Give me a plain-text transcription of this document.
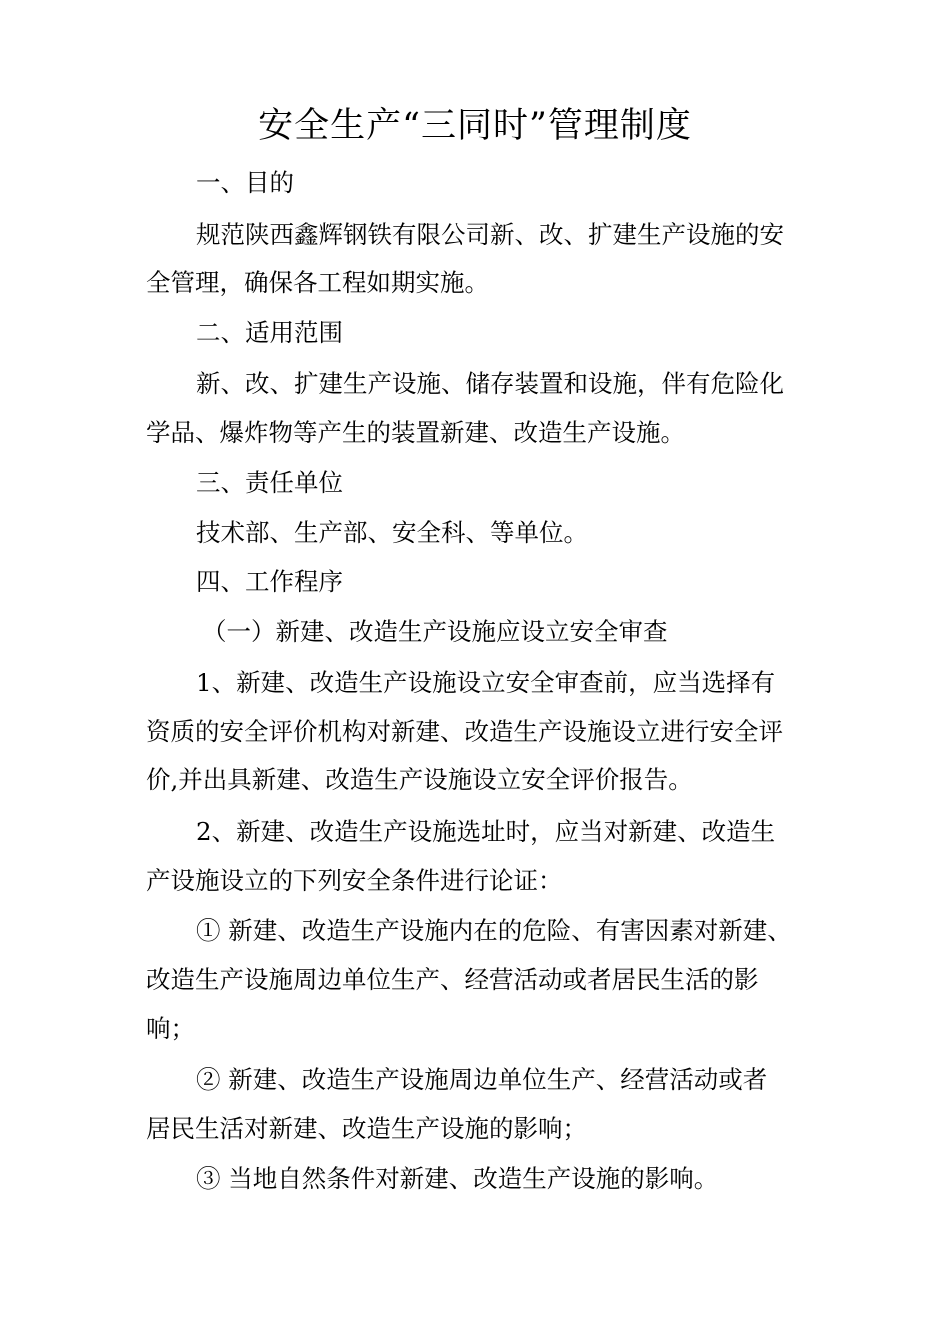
安全生产“三同时”管理制度
一、目的
规范陕西鑫辉钢铁有限公司新、改、扩建生产设施的安
全管理，确保各工程如期实施。
二、适用范围
新、改、扩建生产设施、储存装置和设施，伴有危险化
学品、爆炸物等产生的装置新建、改造生产设施。
三、责任单位
技术部、生产部、安全科、等单位。
四、工作程序
（一）新建、改造生产设施应设立安全审查
1、新建、改造生产设施设立安全审查前，应当选择有
资质的安全评价机构对新建、改造生产设施设立进行安全评
价,并出具新建、改造生产设施设立安全评价报告。
2、新建、改造生产设施选址时，应当对新建、改造生
产设施设立的下列安全条件进行论证：
① 新建、改造生产设施内在的危险、有害因素对新建、
改造生产设施周边单位生产、经营活动或者居民生活的影
响；
② 新建、改造生产设施周边单位生产、经营活动或者
居民生活对新建、改造生产设施的影响；
③ 当地自然条件对新建、改造生产设施的影响。
